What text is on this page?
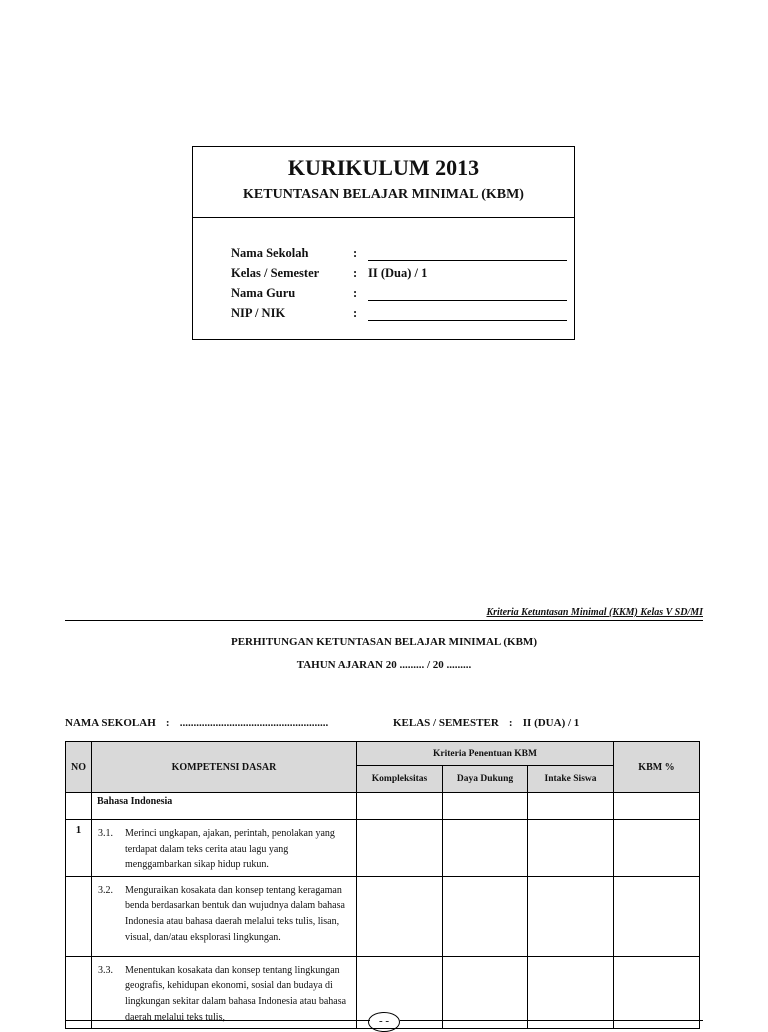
KURIKULUM 2013
KETUNTASAN BELAJAR MINIMAL (KBM)
Nama Sekolah	:
Kelas / Semester	: II (Dua) / 1
Nama Guru	:
NIP / NIK	:
Kriteria Ketuntasan Minimal (KKM) Kelas V SD/MI
PERHITUNGAN KETUNTASAN BELAJAR MINIMAL (KBM)
TAHUN AJARAN 20 ......... / 20 .........
NAMA SEKOLAH : ......................................................	KELAS / SEMESTER : II (DUA) / 1
NO	KOMPETENSI DASAR	Kriteria Penentuan KBM			KBM %
		Kompleksitas	Daya Dukung	Intake Siswa	
	Bahasa Indonesia				
1	3.1. Merinci ungkapan, ajakan, perintah, penolakan yang terdapat dalam teks cerita atau lagu yang menggambarkan sikap hidup rukun.				

	3.2. Menguraikan kosakata dan konsep tentang keragaman benda berdasarkan bentuk dan wujudnya dalam bahasa Indonesia atau bahasa daerah melalui teks tulis, lisan, visual, dan/atau eksplorasi lingkungan.				

	3.3. Menentukan kosakata dan konsep tentang lingkungan geografis, kehidupan ekonomi, sosial dan budaya di lingkungan sekitar dalam bahasa Indonesia atau bahasa daerah melalui teks tulis,				
					- -
